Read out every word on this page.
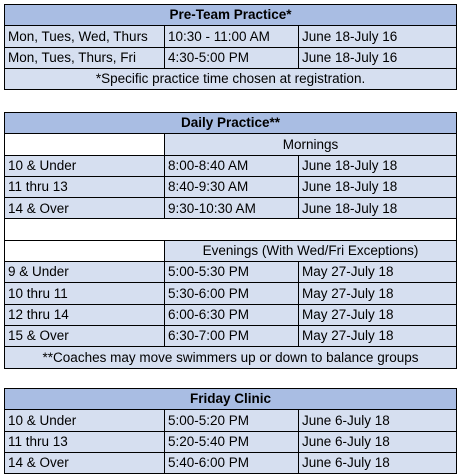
Pre-Team Practice*		
Mon, Tues, Wed, Thurs	10:30 - 11:00 AM	June 18-July 16
Mon, Tues, Thurs, Fri	4:30-5:00 PM	June 18-July 16
*Specific practice time chosen at registration.		
Daily Practice**		
	Mornings	
10 & Under	8:00-8:40 AM	June 18-July 18
11 thru 13	8:40-9:30 AM	June 18-July 18
14 & Over	9:30-10:30 AM	June 18-July 18

	Evenings (With Wed/Fri Exceptions)	
9 & Under	5:00-5:30 PM	May 27-July 18
10 thru 11	5:30-6:00 PM	May 27-July 18
12 thru 14	6:00-6:30 PM	May 27-July 18
15 & Over	6:30-7:00 PM	May 27-July 18
**Coaches may move swimmers up or down to balance groups		
Friday Clinic		
10 & Under	5:00-5:20 PM	June 6-July 18
11 thru 13	5:20-5:40 PM	June 6-July 18
14 & Over	5:40-6:00 PM	June 6-July 18
